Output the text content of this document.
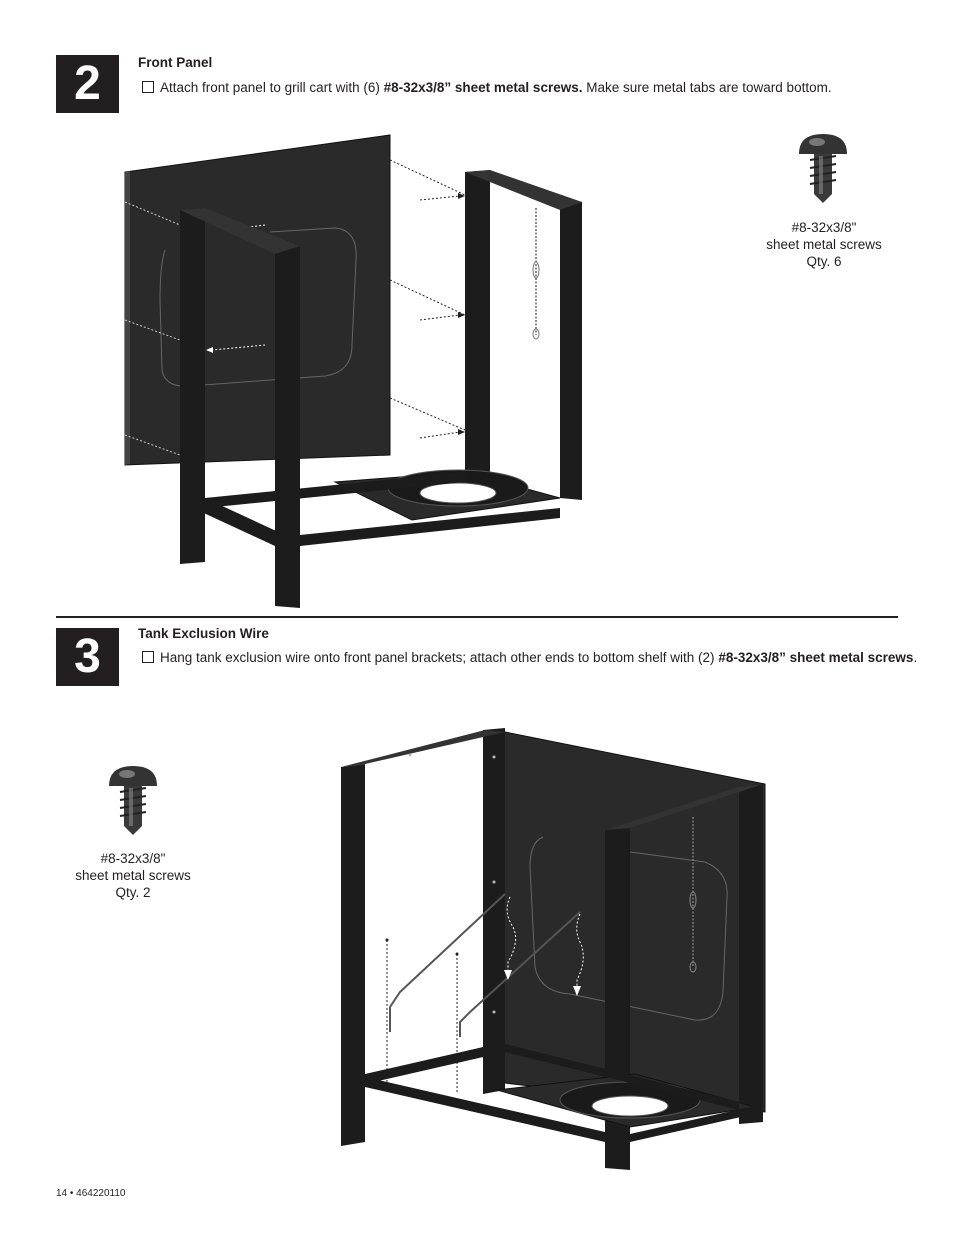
2	Front Panel
Attach front panel to grill cart with (6) #8-32x3/8” sheet metal screws. Make sure metal tabs are toward bottom.
#8-32x3/8"
sheet metal screws
Qty. 6
3	Tank Exclusion Wire
Hang tank exclusion wire onto front panel brackets; attach other ends to bottom shelf with (2) #8-32x3/8” sheet metal screws.
#8-32x3/8"
sheet metal screws
Qty. 2
14 • 464220110
